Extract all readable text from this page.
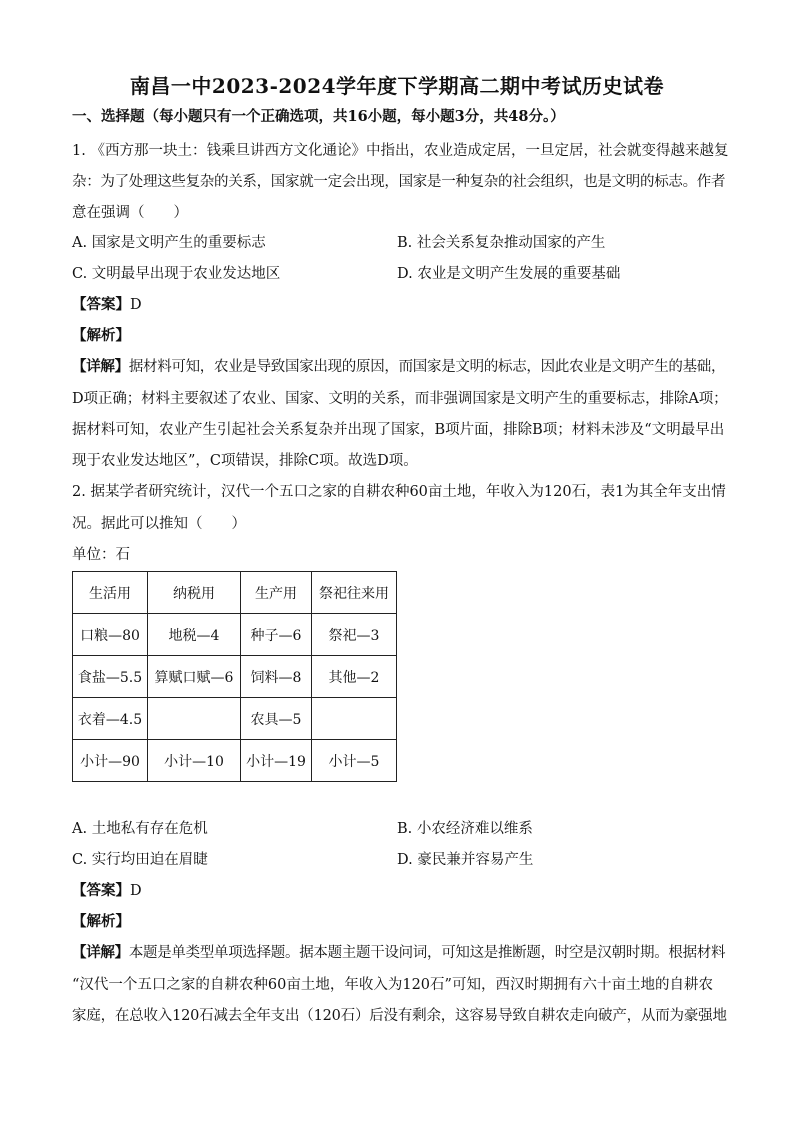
南昌一中2023-2024学年度下学期高二期中考试历史试卷
一、选择题（每小题只有一个正确选项，共16小题，每小题3分，共48分。）
1. 《西方那一块土：钱乘旦讲西方文化通论》中指出，农业造成定居，一旦定居，社会就变得越来越复
杂：为了处理这些复杂的关系，国家就一定会出现，国家是一种复杂的社会组织，也是文明的标志。作者
意在强调（　　）
A. 国家是文明产生的重要标志	B. 社会关系复杂推动国家的产生
C. 文明最早出现于农业发达地区	D. 农业是文明产生发展的重要基础
【答案】D
【解析】
【详解】据材料可知，农业是导致国家出现的原因，而国家是文明的标志，因此农业是文明产生的基础，
D项正确；材料主要叙述了农业、国家、文明的关系，而非强调国家是文明产生的重要标志，排除A项；
据材料可知，农业产生引起社会关系复杂并出现了国家，B项片面，排除B项；材料未涉及“文明最早出
现于农业发达地区”，C项错误，排除C项。故选D项。
2. 据某学者研究统计，汉代一个五口之家的自耕农种60亩土地，年收入为120石，表1为其全年支出情
况。据此可以推知（　　）
单位：石
生活用	纳税用	生产用	祭祀往来用
口粮—80	地税—4	种子—6	祭祀—3
食盐—5.5	算赋口赋—6	饲料—8	其他—2
衣着—4.5		农具—5	
小计—90	小计—10	小计—19	小计—5
A. 土地私有存在危机	B. 小农经济难以维系
C. 实行均田迫在眉睫	D. 豪民兼并容易产生
【答案】D
【解析】
【详解】本题是单类型单项选择题。据本题主题干设问词，可知这是推断题，时空是汉朝时期。根据材料
“汉代一个五口之家的自耕农种60亩土地，年收入为120石”可知，西汉时期拥有六十亩土地的自耕农
家庭，在总收入120石减去全年支出（120石）后没有剩余，这容易导致自耕农走向破产，从而为豪强地
